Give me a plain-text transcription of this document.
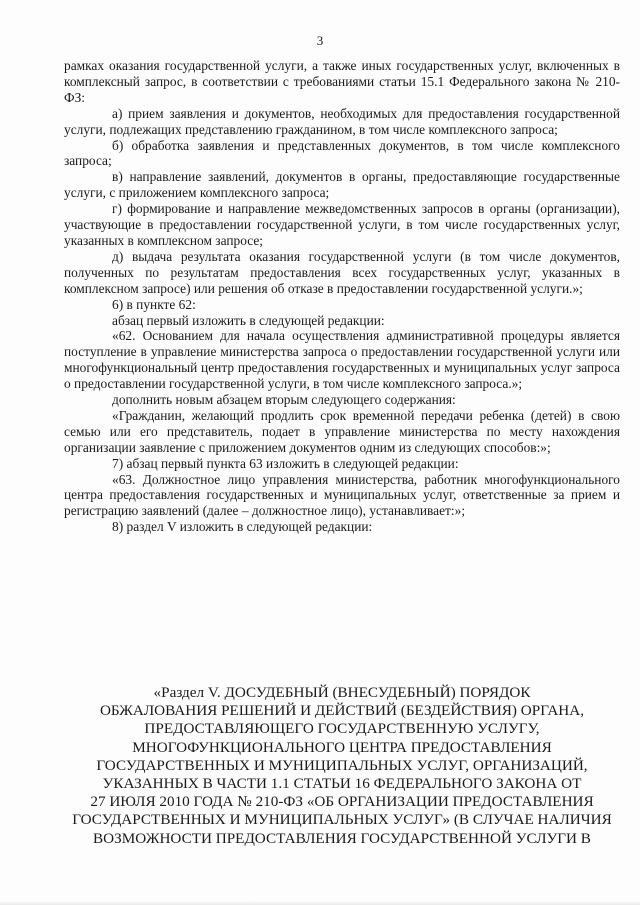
3

рамках оказания государственной услуги, а также иных государственных услуг, включенных в комплексный запрос, в соответствии с требованиями статьи 15.1 Федерального закона № 210-ФЗ:

а) прием заявления и документов, необходимых для предоставления государственной услуги, подлежащих представлению гражданином, в том числе комплексного запроса;

б) обработка заявления и представленных документов, в том числе комплексного запроса;

в) направление заявлений, документов в органы, предоставляющие государственные услуги, с приложением комплексного запроса;

г) формирование и направление межведомственных запросов в органы (организации), участвующие в предоставлении государственной услуги, в том числе государственных услуг, указанных в комплексном запросе;

д) выдача результата оказания государственной услуги (в том числе документов, полученных по результатам предоставления всех государственных услуг, указанных в комплексном запросе) или решения об отказе в предоставлении государственной услуги.»;

6) в пункте 62:

абзац первый изложить в следующей редакции:

«62. Основанием для начала осуществления административной процедуры является поступление в управление министерства запроса о предоставлении государственной услуги или многофункциональный центр предоставления государственных и муниципальных услуг запроса о предоставлении государственной услуги, в том числе комплексного запроса.»;

дополнить новым абзацем вторым следующего содержания:

«Гражданин, желающий продлить срок временной передачи ребенка (детей) в свою семью или его представитель, подает в управление министерства по месту нахождения организации заявление с приложением документов одним из следующих способов:»;

7) абзац первый пункта 63 изложить в следующей редакции:

«63. Должностное лицо управления министерства, работник многофункционального центра предоставления государственных и муниципальных услуг, ответственные за прием и регистрацию заявлений (далее – должностное лицо), устанавливает:»;

8) раздел V изложить в следующей редакции:

«Раздел V. ДОСУДЕБНЫЙ (ВНЕСУДЕБНЫЙ) ПОРЯДОК
ОБЖАЛОВАНИЯ РЕШЕНИЙ И ДЕЙСТВИЙ (БЕЗДЕЙСТВИЯ) ОРГАНА,
ПРЕДОСТАВЛЯЮЩЕГО ГОСУДАРСТВЕННУЮ УСЛУГУ,
МНОГОФУНКЦИОНАЛЬНОГО ЦЕНТРА ПРЕДОСТАВЛЕНИЯ
ГОСУДАРСТВЕННЫХ И МУНИЦИПАЛЬНЫХ УСЛУГ, ОРГАНИЗАЦИЙ,
УКАЗАННЫХ В ЧАСТИ 1.1 СТАТЬИ 16 ФЕДЕРАЛЬНОГО ЗАКОНА ОТ
27 ИЮЛЯ 2010 ГОДА № 210-ФЗ «ОБ ОРГАНИЗАЦИИ ПРЕДОСТАВЛЕНИЯ
ГОСУДАРСТВЕННЫХ И МУНИЦИПАЛЬНЫХ УСЛУГ» (В СЛУЧАЕ НАЛИЧИЯ
ВОЗМОЖНОСТИ ПРЕДОСТАВЛЕНИЯ ГОСУДАРСТВЕННОЙ УСЛУГИ В
